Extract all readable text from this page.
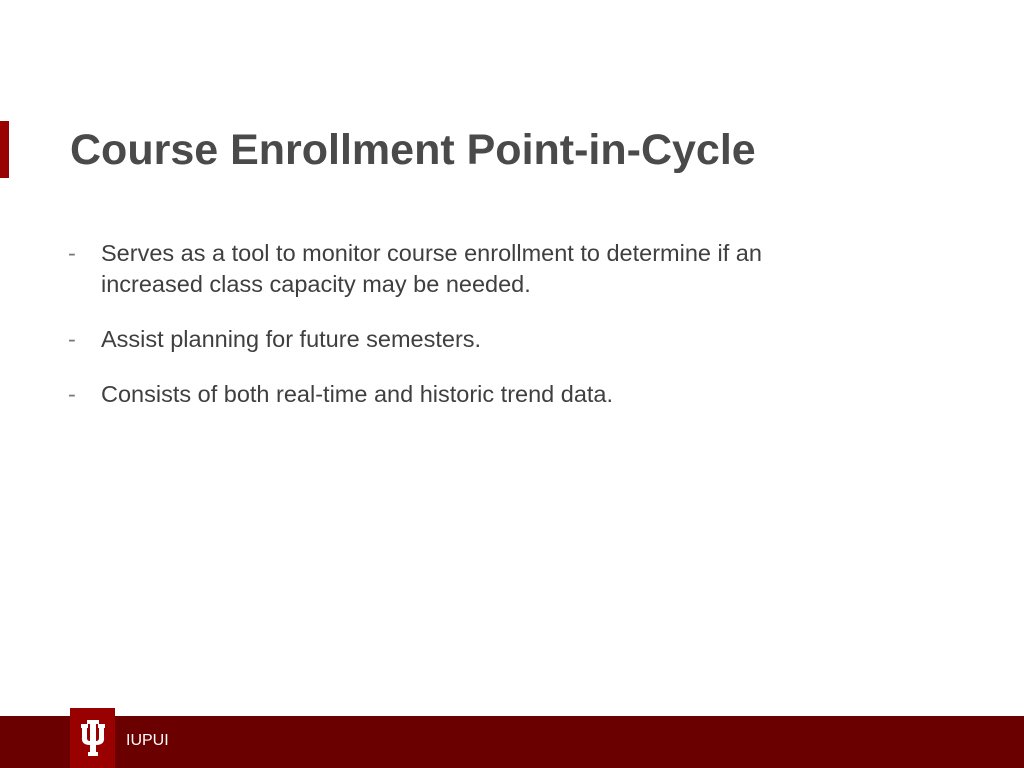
Course Enrollment Point-in-Cycle
- Serves as a tool to monitor course enrollment to determine if an increased class capacity may be needed.
- Assist planning for future semesters.
- Consists of both real-time and historic trend data.
IUPUI
